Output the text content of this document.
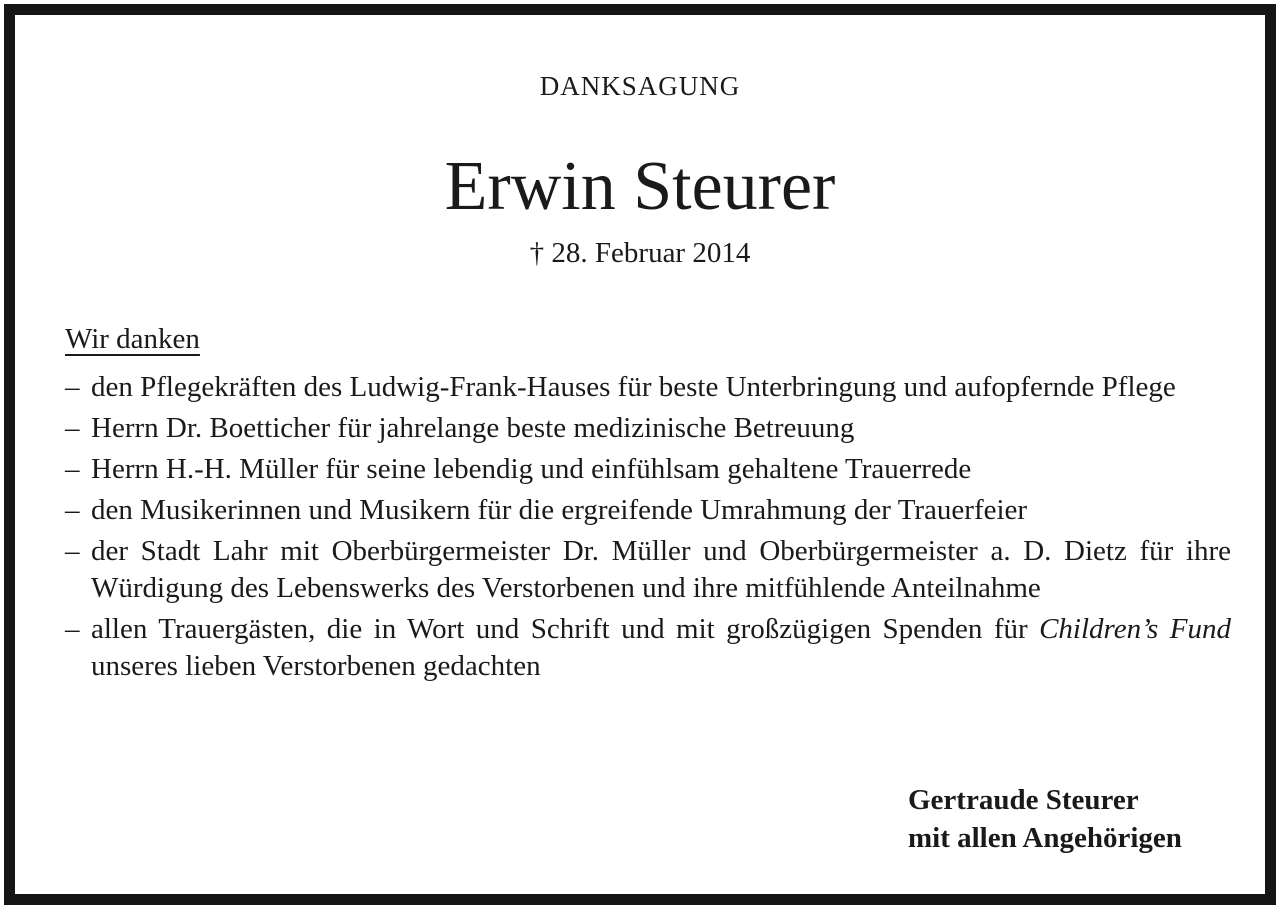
DANKSAGUNG
Erwin Steurer
† 28. Februar 2014
Wir danken
– den Pflegekräften des Ludwig-Frank-Hauses für beste Unterbringung und aufopfernde Pflege
– Herrn Dr. Boetticher für jahrelange beste medizinische Betreuung
– Herrn H.-H. Müller für seine lebendig und einfühlsam gehaltene Trauerrede
– den Musikerinnen und Musikern für die ergreifende Umrahmung der Trauerfeier
– der Stadt Lahr mit Oberbürgermeister Dr. Müller und Oberbürgermeister a. D. Dietz für ihre Würdigung des Lebenswerks des Verstorbenen und ihre mitfühlende Anteilnahme
– allen Trauergästen, die in Wort und Schrift und mit großzügigen Spenden für Children’s Fund unseres lieben Verstorbenen gedachten
Gertraude Steurer
mit allen Angehörigen
